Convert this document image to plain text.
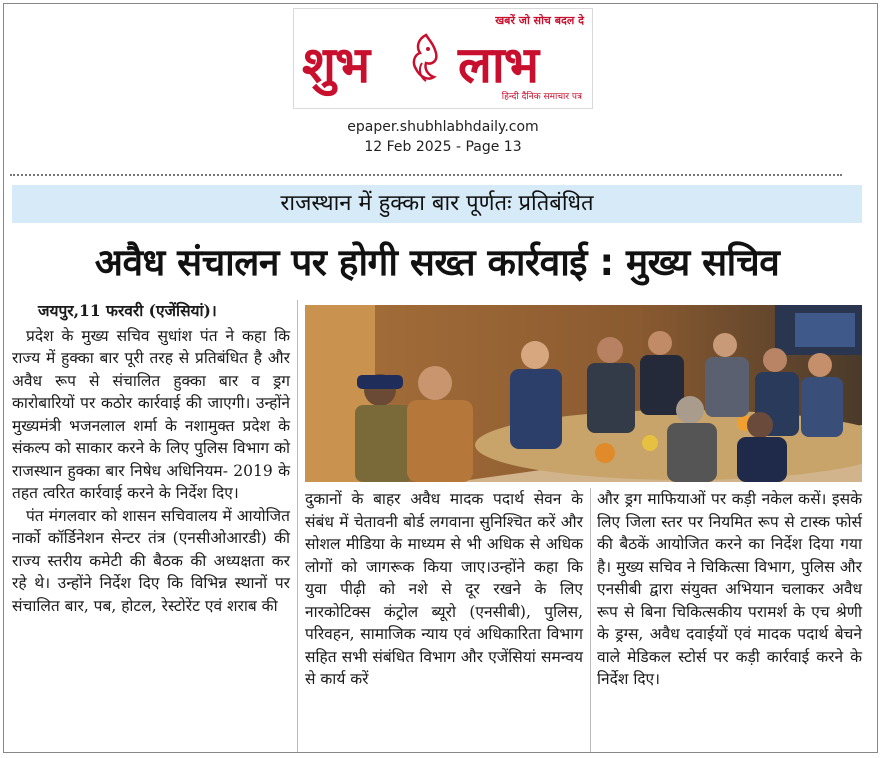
खबरें जो सोच बदल दे
शुभ लाभ
हिन्दी दैनिक समाचार पत्र
epaper.shubhlabhdaily.com
12 Feb 2025 - Page 13
राजस्थान में हुक्का बार पूर्णतः प्रतिबंधित
अवैध संचालन पर होगी सख्त कार्रवाई : मुख्य सचिव

जयपुर,11 फरवरी (एजेंसियां)।

प्रदेश के मुख्य सचिव सुधांश पंत ने कहा कि राज्य में हुक्का बार पूरी तरह से प्रतिबंधित है और अवैध रूप से संचालित हुक्का बार व ड्रग कारोबारियों पर कठोर कार्रवाई की जाएगी। उन्होंने मुख्यमंत्री भजनलाल शर्मा के नशामुक्त प्रदेश के संकल्प को साकार करने के लिए पुलिस विभाग को राजस्थान हुक्का बार निषेध अधिनियम- 2019 के तहत त्वरित कार्रवाई करने के निर्देश दिए।

पंत मंगलवार को शासन सचिवालय में आयोजित नार्को कॉर्डिनेशन सेन्टर तंत्र (एनसीओआरडी) की राज्य स्तरीय कमेटी की बैठक की अध्यक्षता कर रहे थे। उन्होंने निर्देश दिए कि विभिन्न स्थानों पर संचालित बार, पब, होटल, रेस्टोरेंट एवं शराब की

दुकानों के बाहर अवैध मादक पदार्थ सेवन के संबंध में चेतावनी बोर्ड लगवाना सुनिश्चित करें और सोशल मीडिया के माध्यम से भी अधिक से अधिक लोगों को जागरूक किया जाए।उन्होंने कहा कि युवा पीढ़ी को नशे से दूर रखने के लिए नारकोटिक्स कंट्रोल ब्यूरो (एनसीबी), पुलिस, परिवहन, सामाजिक न्याय एवं अधिकारिता विभाग सहित सभी संबंधित विभाग और एजेंसियां समन्वय से कार्य करें

और ड्रग माफियाओं पर कड़ी नकेल कसें। इसके लिए जिला स्तर पर नियमित रूप से टास्क फोर्स की बैठकें आयोजित करने का निर्देश दिया गया है। मुख्य सचिव ने चिकित्सा विभाग, पुलिस और एनसीबी द्वारा संयुक्त अभियान चलाकर अवैध रूप से बिना चिकित्सकीय परामर्श के एच श्रेणी के ड्रग्स, अवैध दवाईयों एवं मादक पदार्थ बेचने वाले मेडिकल स्टोर्स पर कड़ी कार्रवाई करने के निर्देश दिए।
